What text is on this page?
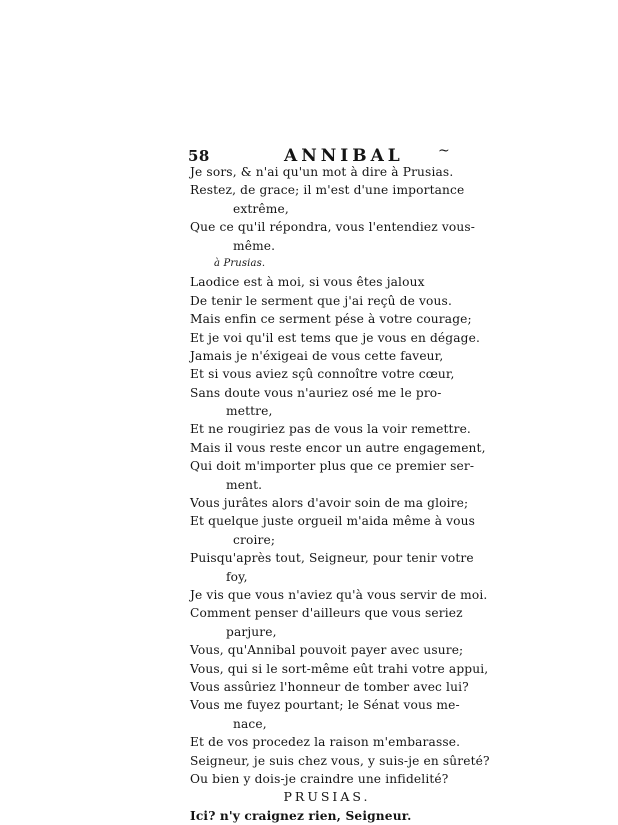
58	ANNIBAL ~
Je sors, & n'ai qu'un mot à dire à Prusias.
Restez, de grace; il m'est d'une importance
extrême,
Que ce qu'il répondra, vous l'entendiez vous-
même.
à Prusias.
Laodice est à moi, si vous êtes jaloux
De tenir le serment que j'ai reçû de vous.
Mais enfin ce serment pése à votre courage;
Et je voi qu'il est tems que je vous en dégage.
Jamais je n'éxigeai de vous cette faveur,
Et si vous aviez sçû connoître votre cœur,
Sans doute vous n'auriez osé me le pro-
mettre,
Et ne rougiriez pas de vous la voir remettre.
Mais il vous reste encor un autre engagement,
Qui doit m'importer plus que ce premier ser-
ment.
Vous jurâtes alors d'avoir soin de ma gloire;
Et quelque juste orgueil m'aida même à vous
croire;
Puisqu'après tout, Seigneur, pour tenir votre
foy,
Je vis que vous n'aviez qu'à vous servir de moi.
Comment penser d'ailleurs que vous seriez
parjure,
Vous, qu'Annibal pouvoit payer avec usure;
Vous, qui si le sort-même eût trahi votre appui,
Vous assûriez l'honneur de tomber avec lui?
Vous me fuyez pourtant; le Sénat vous me-
nace,
Et de vos procedez la raison m'embarasse.
Seigneur, je suis chez vous, y suis-je en sûreté?
Ou bien y dois-je craindre une infidelité?
PRUSIAS.
Ici? n'y craignez rien, Seigneur.
